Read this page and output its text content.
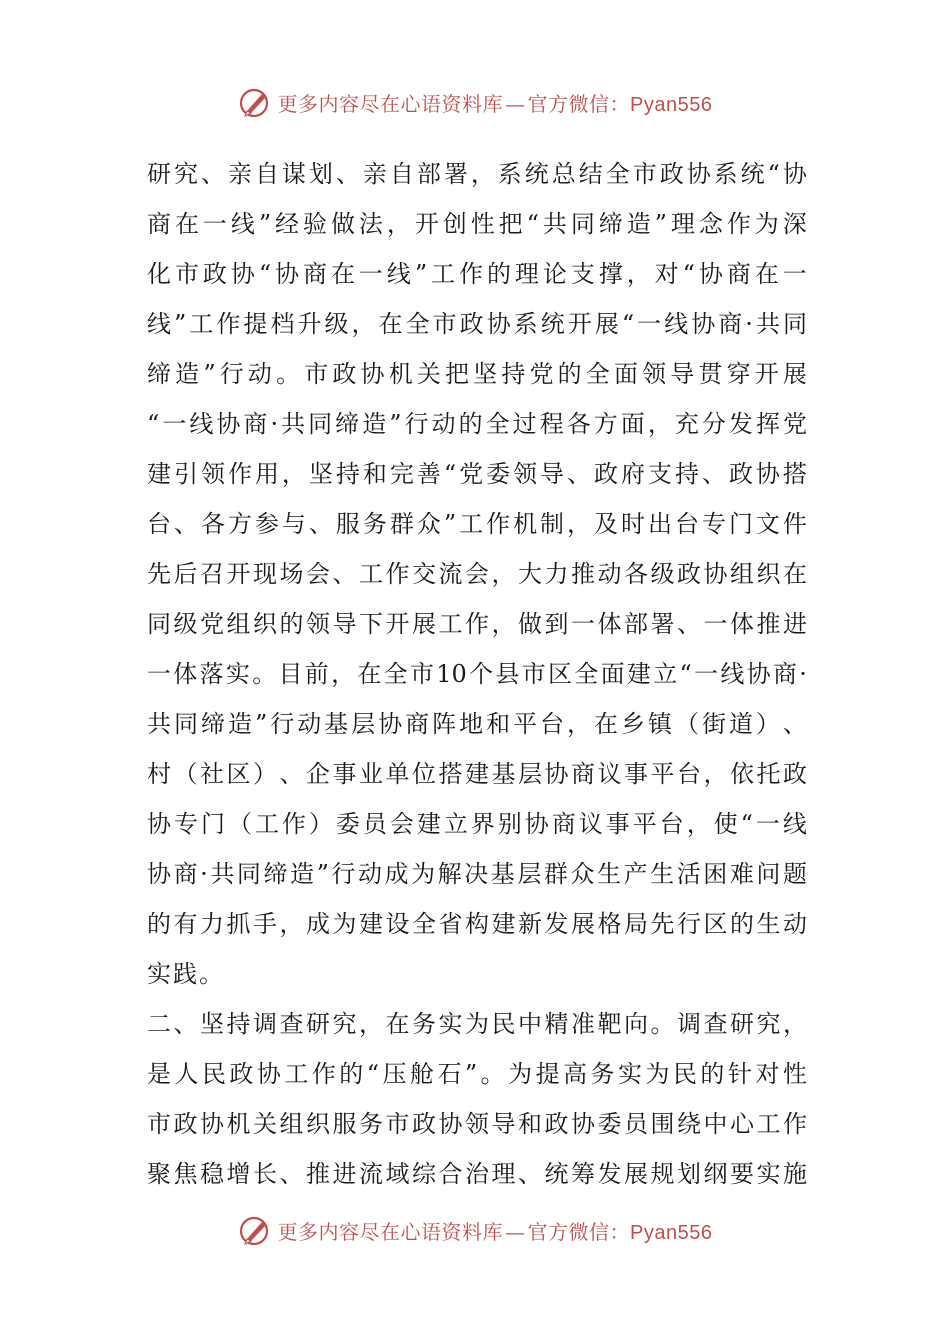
更多内容尽在心语资料库 — 官方微信：Pyan556
研 究 、 亲 自 谋 划 、 亲 自 部 署 ， 系 统 总 结 全 市 政 协 系 统 “ 协
商 在 一 线 ” 经 验 做 法 ， 开 创 性 把 “ 共 同 缔 造 ” 理 念 作 为 深
化 市 政 协 “ 协 商 在 一 线 ” 工 作 的 理 论 支 撑 ， 对 “ 协 商 在 一
线 ” 工 作 提 档 升 级 ， 在 全 市 政 协 系 统 开 展 “ 一 线 协 商 · 共 同
缔 造 ” 行 动 。 市 政 协 机 关 把 坚 持 党 的 全 面 领 导 贯 穿 开 展
“ 一 线 协 商 · 共 同 缔 造 ” 行 动 的 全 过 程 各 方 面 ， 充 分 发 挥 党
建 引 领 作 用 ， 坚 持 和 完 善 “ 党 委 领 导 、 政 府 支 持 、 政 协 搭
台 、 各 方 参 与 、 服 务 群 众 ” 工 作 机 制 ， 及 时 出 台 专 门 文 件
先 后 召 开 现 场 会 、 工 作 交 流 会 ， 大 力 推 动 各 级 政 协 组 织 在
同 级 党 组 织 的 领 导 下 开 展 工 作 ， 做 到 一 体 部 署 、 一 体 推 进
一 体 落 实 。 目 前 ， 在 全 市 10 个 县 市 区 全 面 建 立 “ 一 线 协 商 ·
共 同 缔 造 ” 行 动 基 层 协 商 阵 地 和 平 台 ， 在 乡 镇 （ 街 道 ） 、
村 （ 社 区 ） 、 企 事 业 单 位 搭 建 基 层 协 商 议 事 平 台 ， 依 托 政
协 专 门 （ 工 作 ） 委 员 会 建 立 界 别 协 商 议 事 平 台 ， 使 “ 一 线
协 商 · 共 同 缔 造 ” 行 动 成 为 解 决 基 层 群 众 生 产 生 活 困 难 问 题
的 有 力 抓 手 ， 成 为 建 设 全 省 构 建 新 发 展 格 局 先 行 区 的 生 动
实践。
二 、 坚 持 调 查 研 究 ， 在 务 实 为 民 中 精 准 靶 向 。 调 查 研 究 ，
是 人 民 政 协 工 作 的 “ 压 舱 石 ” 。 为 提 高 务 实 为 民 的 针 对 性
市 政 协 机 关 组 织 服 务 市 政 协 领 导 和 政 协 委 员 围 绕 中 心 工 作
聚 焦 稳 增 长 、 推 进 流 域 综 合 治 理 、 统 筹 发 展 规 划 纲 要 实 施
更多内容尽在心语资料库 — 官方微信：Pyan556
